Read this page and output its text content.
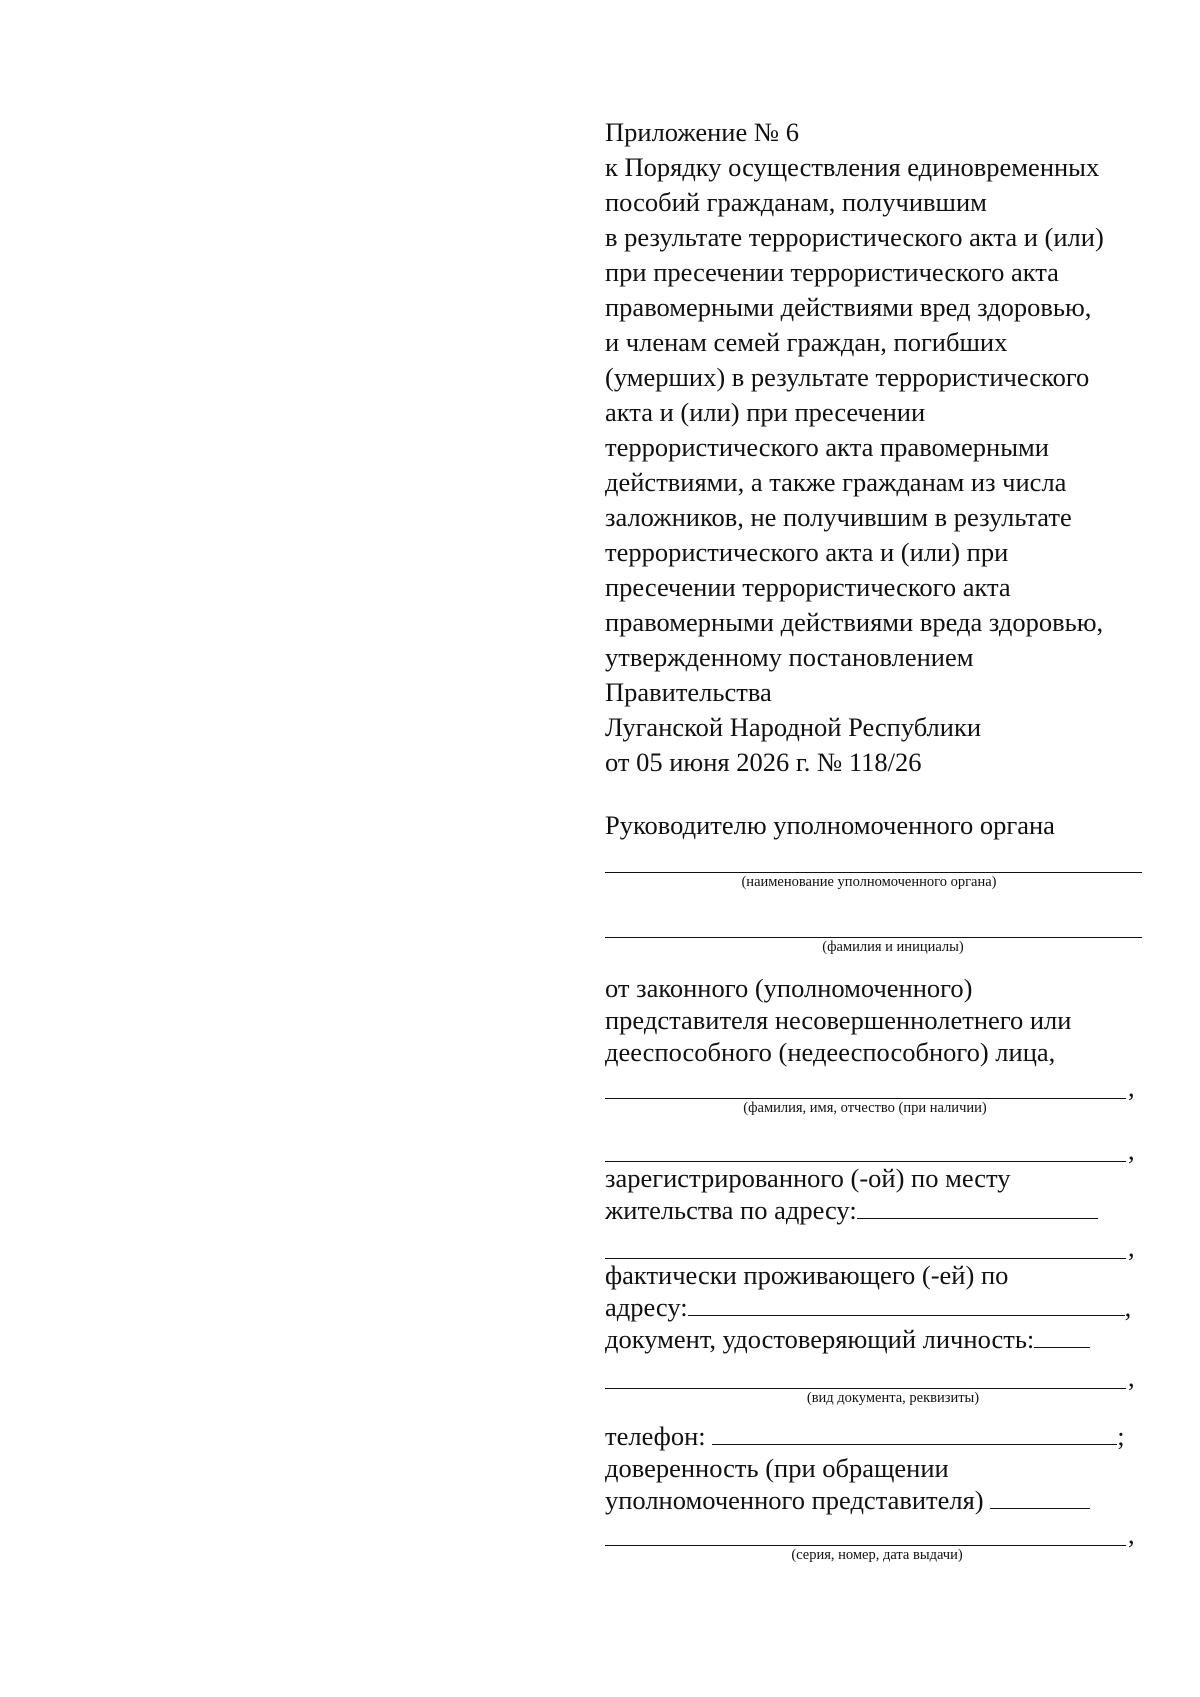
Приложение № 6
к Порядку осуществления единовременных
пособий гражданам, получившим
в результате террористического акта и (или)
при пресечении террористического акта
правомерными действиями вред здоровью,
и членам семей граждан, погибших
(умерших) в результате террористического
акта и (или) при пресечении
террористического акта правомерными
действиями, а также гражданам из числа
заложников, не получившим в результате
террористического акта и (или) при
пресечении террористического акта
правомерными действиями вреда здоровью,
утвержденному постановлением
Правительства
Луганской Народной Республики
от 05 июня 2026 г. № 118/26
Руководителю уполномоченного органа
(наименование уполномоченного органа)
(фамилия и инициалы)
от законного (уполномоченного)
представителя несовершеннолетнего или
дееспособного (недееспособного) лица,
,
(фамилия, имя, отчество (при наличии)
,
зарегистрированного (-ой) по месту
жительства по адресу:
,
фактически проживающего (-ей) по
адресу:	,
документ, удостоверяющий личность:
,
(вид документа, реквизиты)
телефон:	;
доверенность (при обращении
уполномоченного представителя)
,
(серия, номер, дата выдачи)
